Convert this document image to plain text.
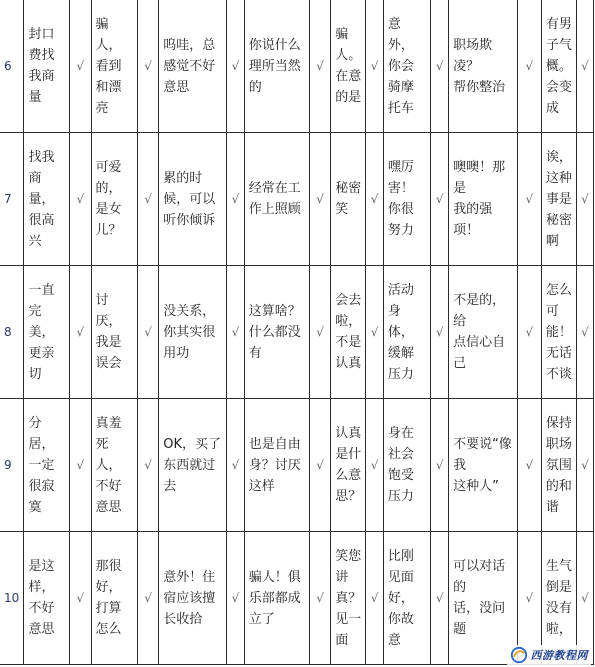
6	封口
费找
我商
量	√	骗
人，
看到
和漂
亮	√	呜哇，总
感觉不好
意思	√	你说什么
理所当然
的	√	骗
人。
在意
的是	√	意
外，
你会
骑摩
托车	√	职场欺凌？
帮你整治	√	有男
子气
概。
会变
成	√
7	找我
商
量，
很高
兴	√	可爱
的，
是女
儿？	√	累的时
候，可以
听你倾诉	√	经常在工
作上照顾	√	秘密
笑	√	嘿厉
害！
你很
努力	√	噢噢！那是
我的强项！	√	诶，
这种
事是
秘密
啊	√
8	一直
完
美，
更亲
切	√	讨
厌，
我是
误会	√	没关系，
你其实很
用功	√	这算啥？
什么都没
有	√	会去
啦，
不是
认真	√	活动
身
体，
缓解
压力	√	不是的，给
点信心自己	√	怎么
可
能！
无话
不谈	√
9	分
居，
一定
很寂
寞	√	真羞
死
人，
不好
意思	√	OK，买了
东西就过
去	√	也是自由
身？讨厌
这样	√	认真
是什
么意
思？	√	身在
社会
饱受
压力	√	不要说“像我
这种人”	√	保持
职场
氛围
的和
谐	√
10	是这
样，
不好
意思	√	那很
好，
打算
怎么	√	意外！住
宿应该擅
长收拾	√	骗人！俱
乐部都成
立了	√	笑您
讲
真？
见一
面	√	比刚
见面
好，
你故
意	√	可以对话的
话，没问题	√	生气
倒是
没有
啦，	√
西游教程网
